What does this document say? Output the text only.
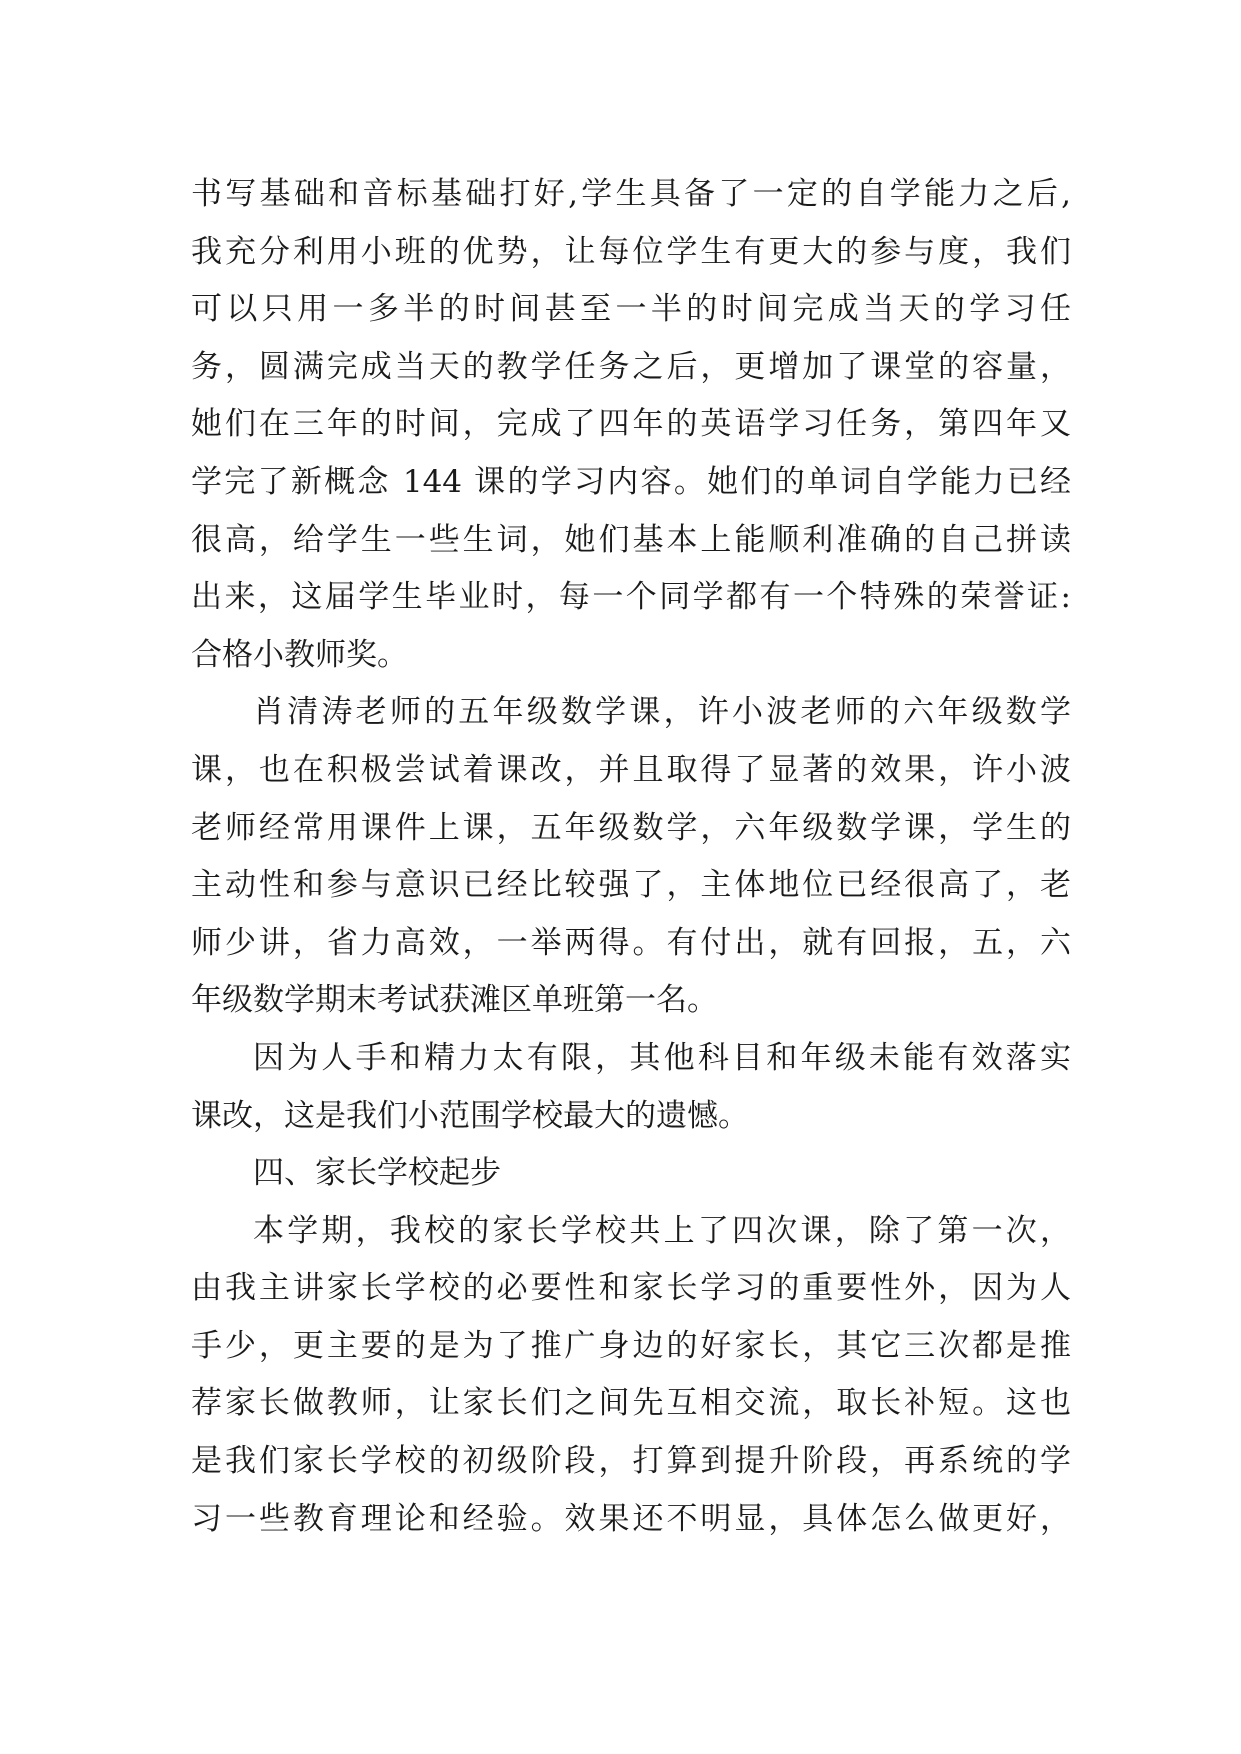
书写基础和音标基础打好,学生具备了一定的自学能力之后,
我充分利用小班的优势，让每位学生有更大的参与度，我们
可以只用一多半的时间甚至一半的时间完成当天的学习任
务，圆满完成当天的教学任务之后，更增加了课堂的容量，
她们在三年的时间，完成了四年的英语学习任务，第四年又
学完了新概念 144 课的学习内容。她们的单词自学能力已经
很高，给学生一些生词，她们基本上能顺利准确的自己拼读
出来，这届学生毕业时，每一个同学都有一个特殊的荣誉证:
合格小教师奖。
肖清涛老师的五年级数学课，许小波老师的六年级数学
课，也在积极尝试着课改，并且取得了显著的效果，许小波
老师经常用课件上课，五年级数学，六年级数学课，学生的
主动性和参与意识已经比较强了，主体地位已经很高了，老
师少讲，省力高效，一举两得。有付出，就有回报，五，六
年级数学期末考试获滩区单班第一名。
因为人手和精力太有限，其他科目和年级未能有效落实
课改，这是我们小范围学校最大的遗憾。
四、家长学校起步
本学期，我校的家长学校共上了四次课，除了第一次，
由我主讲家长学校的必要性和家长学习的重要性外，因为人
手少，更主要的是为了推广身边的好家长，其它三次都是推
荐家长做教师，让家长们之间先互相交流，取长补短。这也
是我们家长学校的初级阶段，打算到提升阶段，再系统的学
习一些教育理论和经验。效果还不明显，具体怎么做更好，
